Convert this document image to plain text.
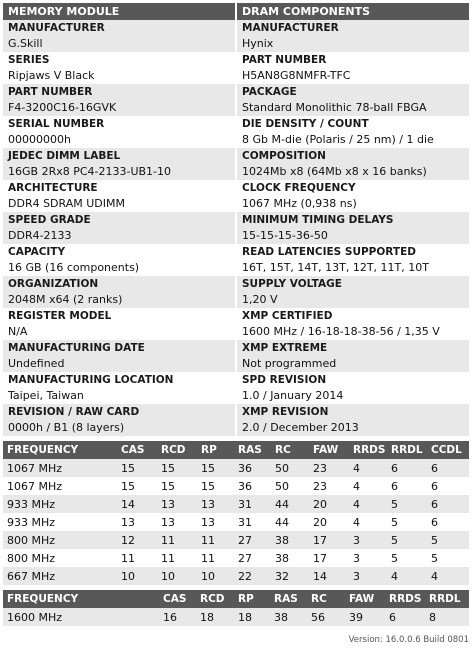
MEMORY MODULE
MANUFACTURER
G.Skill
SERIES
Ripjaws V Black
PART NUMBER
F4-3200C16-16GVK
SERIAL NUMBER
00000000h
JEDEC DIMM LABEL
16GB 2Rx8 PC4-2133-UB1-10
ARCHITECTURE
DDR4 SDRAM UDIMM
SPEED GRADE
DDR4-2133
CAPACITY
16 GB (16 components)
ORGANIZATION
2048M x64 (2 ranks)
REGISTER MODEL
N/A
MANUFACTURING DATE
Undefined
MANUFACTURING LOCATION
Taipei, Taiwan
REVISION / RAW CARD
0000h / B1 (8 layers)
DRAM COMPONENTS
MANUFACTURER
Hynix
PART NUMBER
H5AN8G8NMFR-TFC
PACKAGE
Standard Monolithic 78-ball FBGA
DIE DENSITY / COUNT
8 Gb M-die (Polaris / 25 nm) / 1 die
COMPOSITION
1024Mb x8 (64Mb x8 x 16 banks)
CLOCK FREQUENCY
1067 MHz (0,938 ns)
MINIMUM TIMING DELAYS
15-15-15-36-50
READ LATENCIES SUPPORTED
16T, 15T, 14T, 13T, 12T, 11T, 10T
SUPPLY VOLTAGE
1,20 V
XMP CERTIFIED
1600 MHz / 16-18-18-38-56 / 1,35 V
XMP EXTREME
Not programmed
SPD REVISION
1.0 / January 2014
XMP REVISION
2.0 / December 2013
FREQUENCY	CAS	RCD	RP	RAS	RC	FAW	RRDS	RRDL	CCDL
1067 MHz	15	15	15	36	50	23	4	6	6
1067 MHz	15	15	15	36	50	23	4	6	6
933 MHz	14	13	13	31	44	20	4	5	6
933 MHz	13	13	13	31	44	20	4	5	6
800 MHz	12	11	11	27	38	17	3	5	5
800 MHz	11	11	11	27	38	17	3	5	5
667 MHz	10	10	10	22	32	14	3	4	4
FREQUENCY	CAS	RCD	RP	RAS	RC	FAW	RRDS	RRDL
1600 MHz	16	18	18	38	56	39	6	8
Version: 16.0.0.6 Build 0801
